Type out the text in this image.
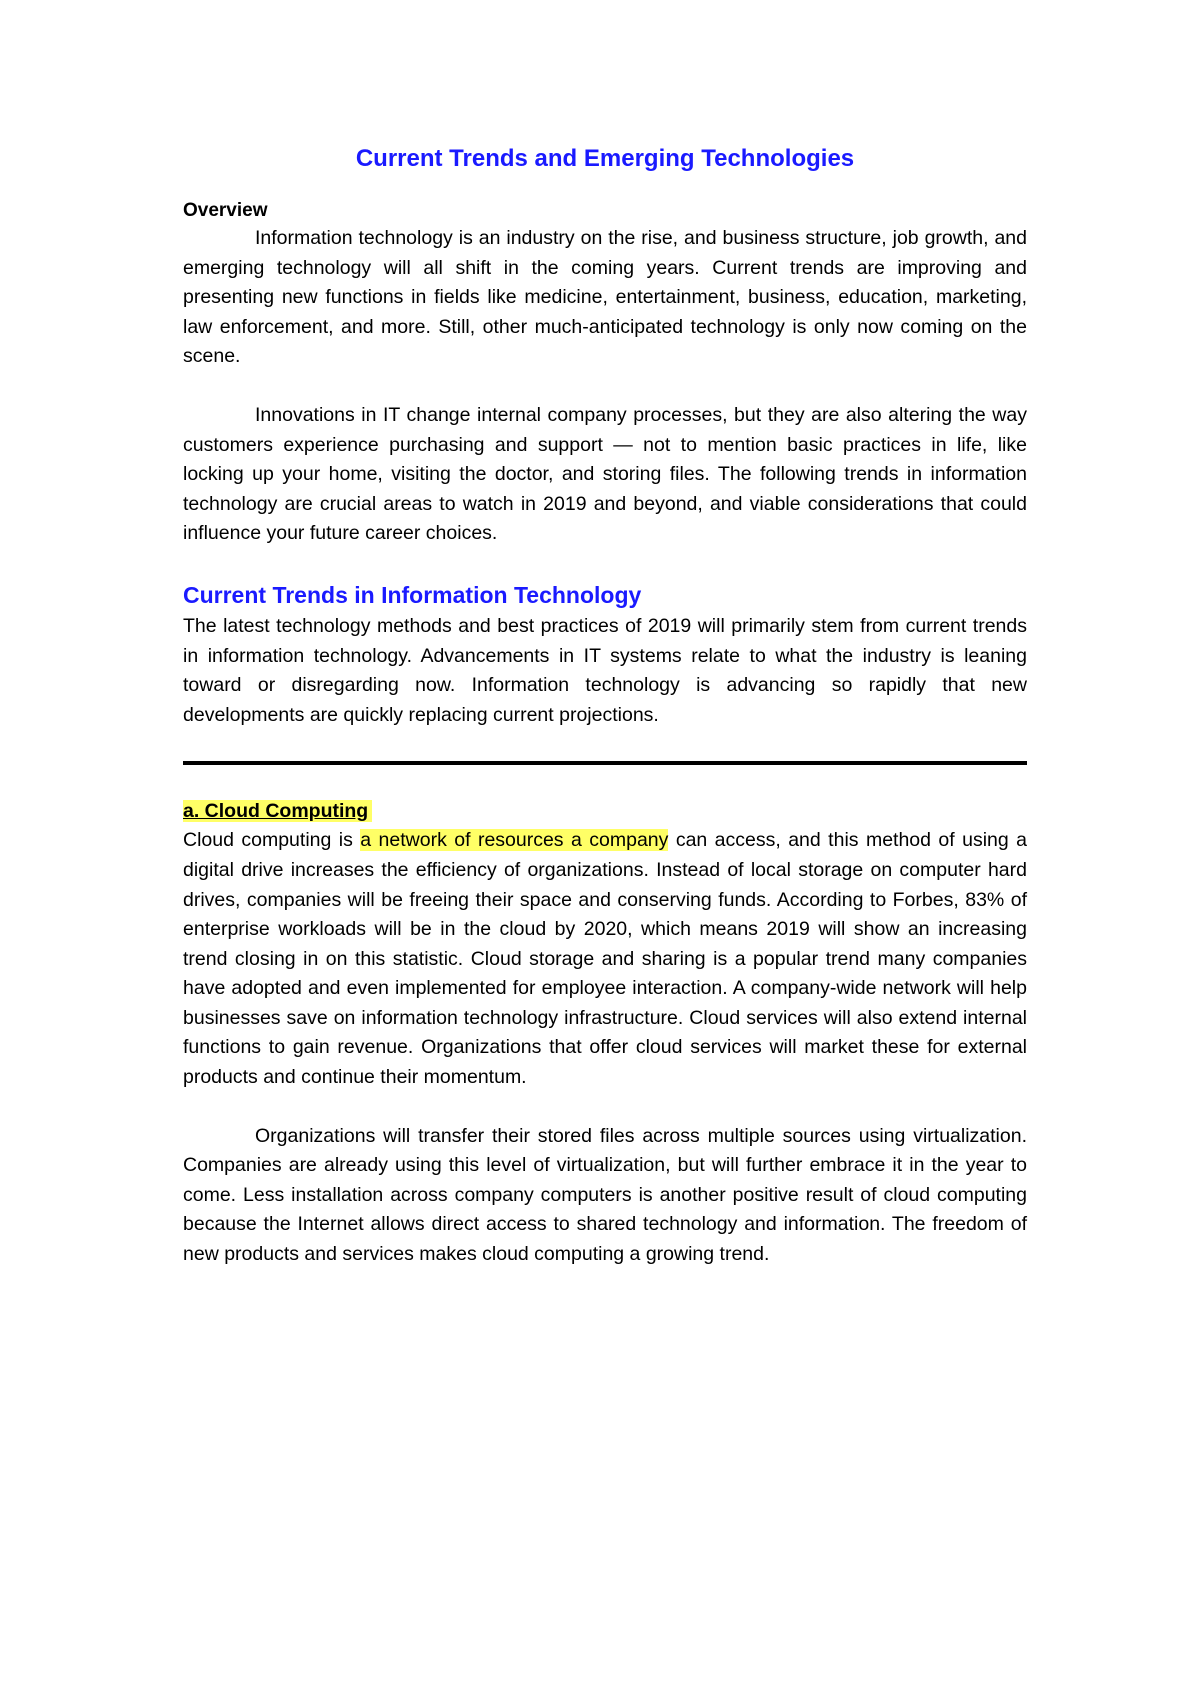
Current Trends and Emerging Technologies
Overview

Information technology is an industry on the rise, and business structure, job growth, and emerging technology will all shift in the coming years. Current trends are improving and presenting new functions in fields like medicine, entertainment, business, education, marketing, law enforcement, and more. Still, other much-anticipated technology is only now coming on the scene.

Innovations in IT change internal company processes, but they are also altering the way customers experience purchasing and support — not to mention basic practices in life, like locking up your home, visiting the doctor, and storing files. The following trends in information technology are crucial areas to watch in 2019 and beyond, and viable considerations that could influence your future career choices.

Current Trends in Information Technology

The latest technology methods and best practices of 2019 will primarily stem from current trends in information technology. Advancements in IT systems relate to what the industry is leaning toward or disregarding now. Information technology is advancing so rapidly that new developments are quickly replacing current projections.

a. Cloud Computing

Cloud computing is a network of resources a company can access, and this method of using a digital drive increases the efficiency of organizations. Instead of local storage on computer hard drives, companies will be freeing their space and conserving funds. According to Forbes, 83% of enterprise workloads will be in the cloud by 2020, which means 2019 will show an increasing trend closing in on this statistic. Cloud storage and sharing is a popular trend many companies have adopted and even implemented for employee interaction. A company-wide network will help businesses save on information technology infrastructure. Cloud services will also extend internal functions to gain revenue. Organizations that offer cloud services will market these for external products and continue their momentum.

Organizations will transfer their stored files across multiple sources using virtualization. Companies are already using this level of virtualization, but will further embrace it in the year to come. Less installation across company computers is another positive result of cloud computing because the Internet allows direct access to shared technology and information. The freedom of new products and services makes cloud computing a growing trend.
